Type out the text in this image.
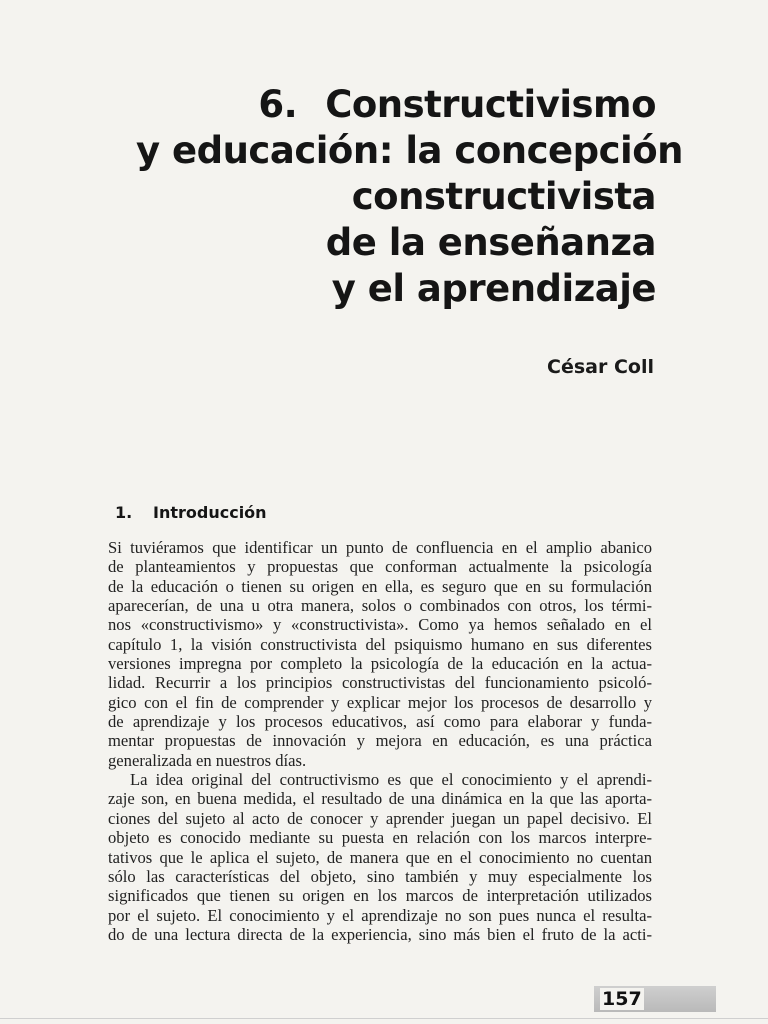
6. Constructivismo
y educación: la concepción
constructivista
de la enseñanza
y el aprendizaje
César Coll
1. Introducción
Si tuviéramos que identificar un punto de confluencia en el amplio abanico
de planteamientos y propuestas que conforman actualmente la psicología
de la educación o tienen su origen en ella, es seguro que en su formulación
aparecerían, de una u otra manera, solos o combinados con otros, los térmi-
nos «constructivismo» y «constructivista». Como ya hemos señalado en el
capítulo 1, la visión constructivista del psiquismo humano en sus diferentes
versiones impregna por completo la psicología de la educación en la actua-
lidad. Recurrir a los principios constructivistas del funcionamiento psicoló-
gico con el fin de comprender y explicar mejor los procesos de desarrollo y
de aprendizaje y los procesos educativos, así como para elaborar y funda-
mentar propuestas de innovación y mejora en educación, es una práctica
generalizada en nuestros días.
La idea original del contructivismo es que el conocimiento y el aprendi-
zaje son, en buena medida, el resultado de una dinámica en la que las aporta-
ciones del sujeto al acto de conocer y aprender juegan un papel decisivo. El
objeto es conocido mediante su puesta en relación con los marcos interpre-
tativos que le aplica el sujeto, de manera que en el conocimiento no cuentan
sólo las características del objeto, sino también y muy especialmente los
significados que tienen su origen en los marcos de interpretación utilizados
por el sujeto. El conocimiento y el aprendizaje no son pues nunca el resulta-
do de una lectura directa de la experiencia, sino más bien el fruto de la acti-
157
